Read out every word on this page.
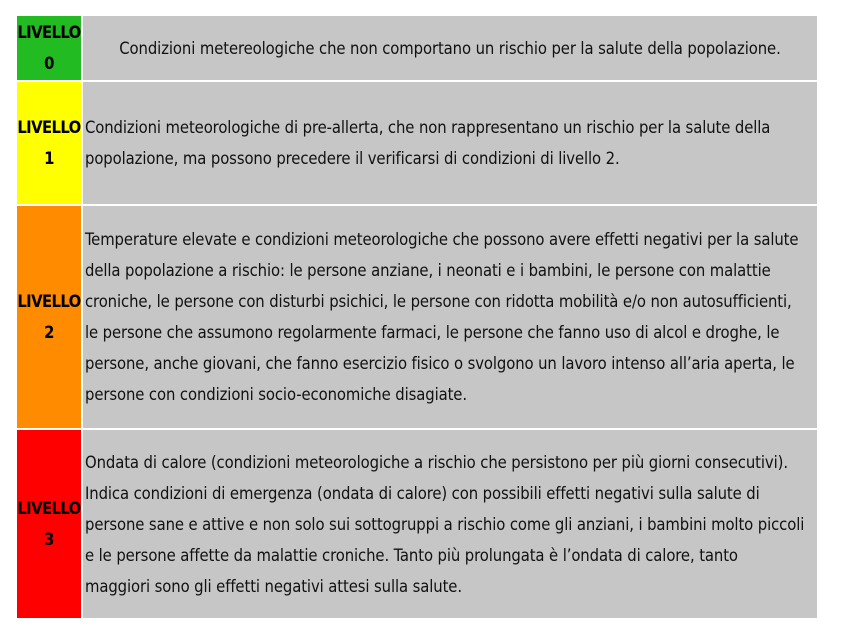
LIVELLO
0	Condizioni metereologiche che non comportano un rischio per la salute della popolazione.
LIVELLO
1	Condizioni meteorologiche di pre-allerta, che non rappresentano un rischio per la salute della popolazione, ma possono precedere il verificarsi di condizioni di livello 2.
LIVELLO
2	Temperature elevate e condizioni meteorologiche che possono avere effetti negativi per la salute della popolazione a rischio: le persone anziane, i neonati e i bambini, le persone con malattie croniche, le persone con disturbi psichici, le persone con ridotta mobilità e/o non autosufficienti, le persone che assumono regolarmente farmaci, le persone che fanno uso di alcol e droghe, le persone, anche giovani, che fanno esercizio fisico o svolgono un lavoro intenso all’aria aperta, le persone con condizioni socio-economiche disagiate.
LIVELLO
3	Ondata di calore (condizioni meteorologiche a rischio che persistono per più giorni consecutivi). Indica condizioni di emergenza (ondata di calore) con possibili effetti negativi sulla salute di persone sane e attive e non solo sui sottogruppi a rischio come gli anziani, i bambini molto piccoli e le persone affette da malattie croniche. Tanto più prolungata è l’ondata di calore, tanto maggiori sono gli effetti negativi attesi sulla salute.
